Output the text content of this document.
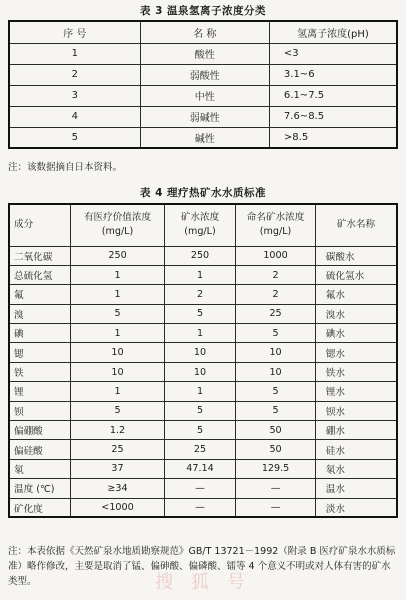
表 3 温泉氢离子浓度分类
序 号	名 称	氢离子浓度(pH)
1	酸性	<3
2	弱酸性	3.1~6
3	中性	6.1~7.5
4	弱碱性	7.6~8.5
5	碱性	>8.5
注：该数据摘自日本资料。
表 4 理疗热矿水水质标准
成分	有医疗价值浓度 (mg/L)	矿水浓度 (mg/L)	命名矿水浓度 (mg/L)	矿水名称
二氧化碳	250	250	1000	碳酸水
总硫化氢	1	1	2	硫化氢水
氟	1	2	2	氟水
溴	5	5	25	溴水
碘	1	1	5	碘水
锶	10	10	10	锶水
铁	10	10	10	铁水
锂	1	1	5	锂水
钡	5	5	5	钡水
偏硼酸	1.2	5	50	硼水
偏硅酸	25	25	50	硅水
氡	37	47.14	129.5	氡水
温度 (℃)	≥34	—	—	温水
矿化度	<1000	—	—	淡水
注：本表依据《天然矿泉水地质勘察规范》GB/T 13721－1992（附录 B 医疗矿泉水水质标准）略作修改，主要是取消了锰、偏砷酸、偏磷酸、镭等 4 个意义不明或对人体有害的矿水类型。	搜 狐 号
